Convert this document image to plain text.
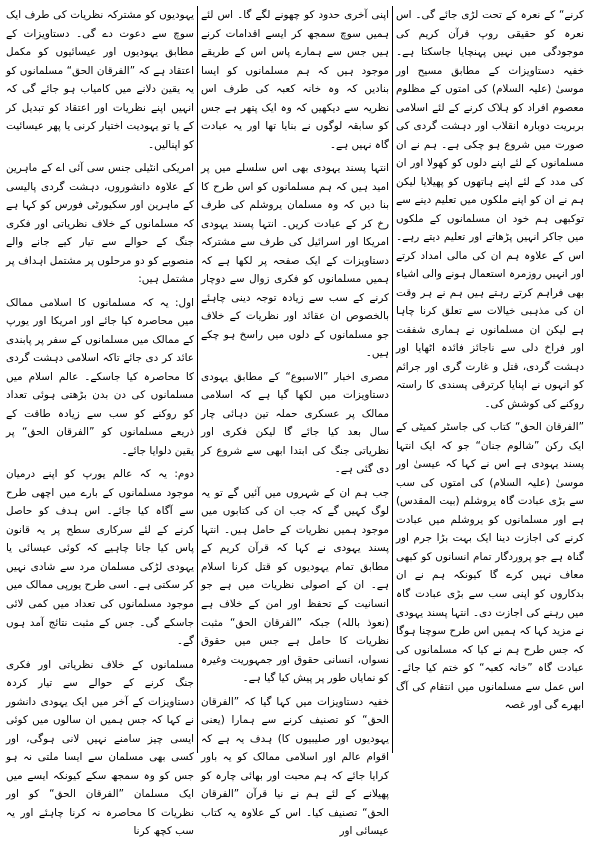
کرنے“ کے نعرہ کے تحت لڑی جائے گی۔ اس نعرہ کو حقیقی روپ قرآن کریم کی موجودگی میں نہیں پہنچایا جاسکتا ہے۔ خفیہ دستاویزات کے مطابق مسیح اور موسیٰ (علیہ السلام) کی امتوں کے مظلوم معصوم افراد کو ہلاک کرنے کے لئے اسلامی بربریت دوبارہ انقلاب اور دہشت گردی کی صورت میں شروع ہو چکی ہے۔ ہم نے ان مسلمانوں کے لئے اپنے دلوں کو کھولا اور ان کی مدد کے لئے اپنے ہاتھوں کو پھیلایا لیکن ہم نے ان کو اپنے ملکوں میں تعلیم دینے سے توکبھی ہم خود ان مسلمانوں کے ملکوں میں جاکر انہیں پڑھاتے اور تعلیم دیتے رہے۔ اس کے علاوہ ہم ان کی مالی امداد کرتے اور انہیں روزمرہ استعمال ہونے والی اشیاء بھی فراہم کرتے رہتے ہیں ہم نے ہر وقت ان کی مذہبی خیالات سے تعلق کرنا چاہا ہے لیکن ان مسلمانوں نے ہماری شفقت اور فراخ دلی سے ناجائز فائدہ اٹھایا اور دہشت گردی، قتل و غارت گری اور جرائم کو انہوں نے اپنایا کرترقی پسندی کا راستہ روکنے کی کوشش کی۔

”الفرقان الحق“ کتاب کی جاسٹر کمیٹی کے ایک رکن ”شالوم جنان“ جو کہ ایک انتہا پسند یہودی ہے اس نے کہا کہ عیسیٰ اور موسیٰ (علیہ السلام) کی امتوں کی سب سے بڑی عبادت گاہ یروشلم (بیت المقدس) ہے اور مسلمانوں کو یروشلم میں عبادت کرنے کی اجازت دینا ایک بہت بڑا جرم اور گناہ ہے جو پروردگار تمام انسانوں کو کبھی معاف نہیں کرے گا کیونکہ ہم نے ان بدکاروں کو اپنی سب سے بڑی عبادت گاہ میں رہنے کی اجازت دی۔ انتہا پسند یہودی نے مزید کہا کہ ہمیں اس طرح سوچنا ہوگا کہ جس طرح ہم نے کیا کہ مسلمانوں کی عبادت گاہ ”خانہ کعبہ“ کو ختم کیا جائے۔ اس عمل سے مسلمانوں میں انتقام کی آگ ابھرے گی اور غصہ

اپنی آخری حدود کو چھونے لگے گا۔ اس لئے ہمیں سوچ سمجھ کر ایسے اقدامات کرنے ہیں جس سے ہمارے پاس اس کے طریقے موجود ہیں کہ ہم مسلمانوں کو ایسا بنادیں کہ وہ خانہ کعبہ کی طرف اس نظریہ سے دیکھیں کہ وہ ایک پتھر ہے جس کو سابقہ لوگوں نے بنایا تھا اور یہ عبادت گاہ نہیں ہے۔

انتہا پسند یہودی بھی اس سلسلے میں پر امید ہیں کہ ہم مسلمانوں کو اس طرح کا بنا دیں کہ وہ مسلمان یروشلم کی طرف رخ کر کے عبادت کریں۔ انتہا پسند یہودی امریکا اور اسرائیل کی طرف سے مشترکہ دستاویزات کے ایک صفحہ پر لکھا ہے کہ ہمیں مسلمانوں کو فکری زوال سے دوچار کرنے کے سب سے زیادہ توجہ دینی چاہئے بالخصوص ان عقائد اور نظریات کے خلاف جو مسلمانوں کے دلوں میں راسخ ہو چکے ہیں۔

مصری اخبار ”الاسبوع“ کے مطابق یہودی دستاویزات میں لکھا گیا ہے کہ اسلامی ممالک پر عسکری حملہ تین دہائی چار سال بعد کیا جائے گا لیکن فکری اور نظریاتی جنگ کی ابتدا ابھی سے شروع کر دی گئی ہے۔

جب ہم ان کے شہروں میں آئیں گے تو یہ لوگ کہیں گے کہ جب ان کی کتابوں میں موجود ہمیں نظریات کے حامل ہیں۔ انتہا پسند یہودی نے کہا کہ قرآن کریم کے مطابق تمام یہودیوں کو قتل کرنا اسلام ہے۔ ان کے اصولی نظریات میں ہے جو انسانیت کے تحفظ اور امن کے خلاف ہے (نعوذ باللہ) جبکہ ”الفرقان الحق“ مثبت نظریات کا حامل ہے جس میں حقوق نسواں، انسانی حقوق اور جمہوریت وغیرہ کو نمایاں طور پر پیش کیا گیا ہے۔

خفیہ دستاویزات میں کہا گیا کہ ”الفرقان الحق“ کو تصنیف کرنے سے ہمارا (یعنی یہودیوں اور صلیبیوں کا) ہدف یہ ہے کہ اقوام عالم اور اسلامی ممالک کو یہ باور کرایا جائے کہ ہم محبت اور بھائی چارہ کو پھیلانے کے لئے ہم نے نیا قرآن ”الفرقان الحق“ تصنیف کیا۔ اس کے علاوہ یہ کتاب عیسائی اور

یہودیوں کو مشترکہ نظریات کی طرف ایک سوچ سے دعوت دے گی۔ دستاویزات کے مطابق یہودیوں اور عیسائیوں کو مکمل اعتقاد ہے کہ ”الفرقان الحق“ مسلمانوں کو یہ یقین دلانے میں کامیاب ہو جائے گی کہ انہیں اپنے نظریات اور اعتقاد کو تبدیل کر کے یا تو یہودیت اختیار کرنی یا پھر عیسائیت کو اپنالیں۔

امریکی انٹیلی جنس سی آئی اے کے ماہرین کے علاوہ دانشوروں، دہشت گردی پالیسی کے ماہرین اور سکیورٹی فورس کو کہا ہے کہ مسلمانوں کے خلاف نظریاتی اور فکری جنگ کے حوالے سے تیار کیے جانے والے منصوبے کو دو مرحلوں پر مشتمل اہداف پر مشتمل ہیں:

اول: یہ کہ مسلمانوں کا اسلامی ممالک میں محاصرہ کیا جائے اور امریکا اور یورپ کے ممالک میں مسلمانوں کے سفر پر پابندی عائد کر دی جائے تاکہ اسلامی دہشت گردی کا محاصرہ کیا جاسکے۔ عالم اسلام میں مسلمانوں کی دن بدن بڑھتی ہوئی تعداد کو روکنے کو سب سے زیادہ طاقت کے ذریعے مسلمانوں کو ”الفرقان الحق“ پر یقین دلوایا جائے۔

دوم: یہ کہ عالم یورپ کو اپنے درمیان موجود مسلمانوں کے بارے میں اچھی طرح سے آگاہ کیا جائے۔ اس ہدف کو حاصل کرنے کے لئے سرکاری سطح پر یہ قانون پاس کیا جانا چاہیے کہ کوئی عیسائی یا یہودی لڑکی مسلمان مرد سے شادی نہیں کر سکتی ہے۔ اسی طرح یورپی ممالک میں موجود مسلمانوں کی تعداد میں کمی لائی جاسکے گی۔ جس کے مثبت نتائج آمد ہوں گے۔

مسلمانوں کے خلاف نظریاتی اور فکری جنگ کرنے کے حوالے سے تیار کردہ دستاویزات کے آخر میں ایک یہودی دانشور نے کہا کہ جس ہمیں ان سالوں میں کوئی ایسی چیز سامنے نہیں لانی ہوگی، اور کسی بھی مسلمان سے ایسا ملتی نہ ہو جس کو وہ سمجھ سکے کیونکہ ایسے میں ایک مسلمان ”الفرقان الحق“ کو اور نظریات کا محاصرہ نہ کرنا چاہئے اور یہ سب کچھ کرنا
